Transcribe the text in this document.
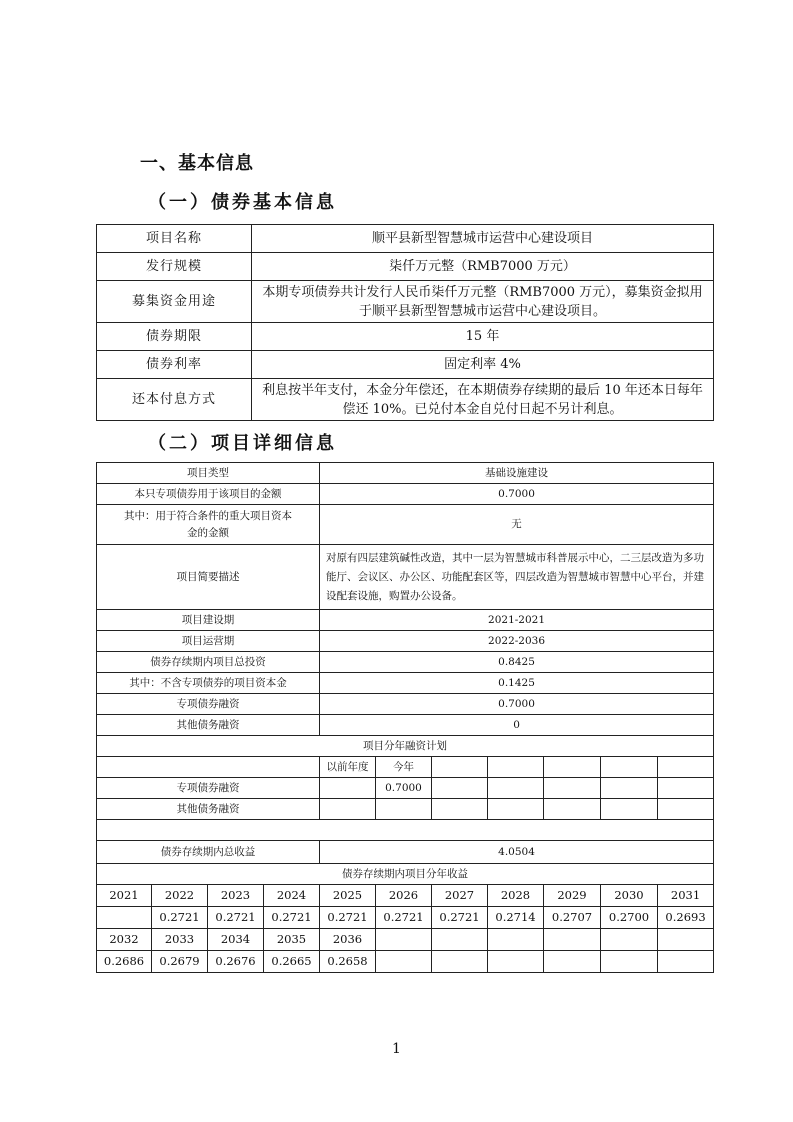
一、基本信息
（一）债券基本信息
项目名称	顺平县新型智慧城市运营中心建设项目
发行规模	柒仟万元整（RMB7000 万元）
募集资金用途	本期专项债券共计发行人民币柒仟万元整（RMB7000 万元），募集资金拟用于顺平县新型智慧城市运营中心建设项目。
债券期限	15 年
债券利率	固定利率 4%
还本付息方式	利息按半年支付，本金分年偿还，在本期债券存续期的最后 10 年还本日每年偿还 10%。已兑付本金自兑付日起不另计利息。
（二）项目详细信息
项目类型				基础设施建设						
本只专项债券用于该项目的金额				0.7000						
其中：用于符合条件的重大项目资本金的金额				无						
项目简要描述				对原有四层建筑碱性改造，其中一层为智慧城市科普展示中心，二三层改造为多功能厅、会议区、办公区、功能配套区等，四层改造为智慧城市智慧中心平台，并建设配套设施，购置办公设备。						
项目建设期				2021-2021						
项目运营期				2022-2036						
债券存续期内项目总投资				0.8425						
其中：不含专项债券的项目资本金				0.1425						
专项债券融资				0.7000						
其他债务融资				0						
项目分年融资计划										
				以前年度	今年					
专项债券融资					0.7000					
其他债务融资										

债券存续期内总收益				4.0504						
债券存续期内项目分年收益										
2021	2022	2023	2024	2025	2026	2027	2028	2029	2030	2031
	0.2721	0.2721	0.2721	0.2721	0.2721	0.2721	0.2714	0.2707	0.2700	0.2693
2032	2033	2034	2035	2036						
0.2686	0.2679	0.2676	0.2665	0.2658						
1
